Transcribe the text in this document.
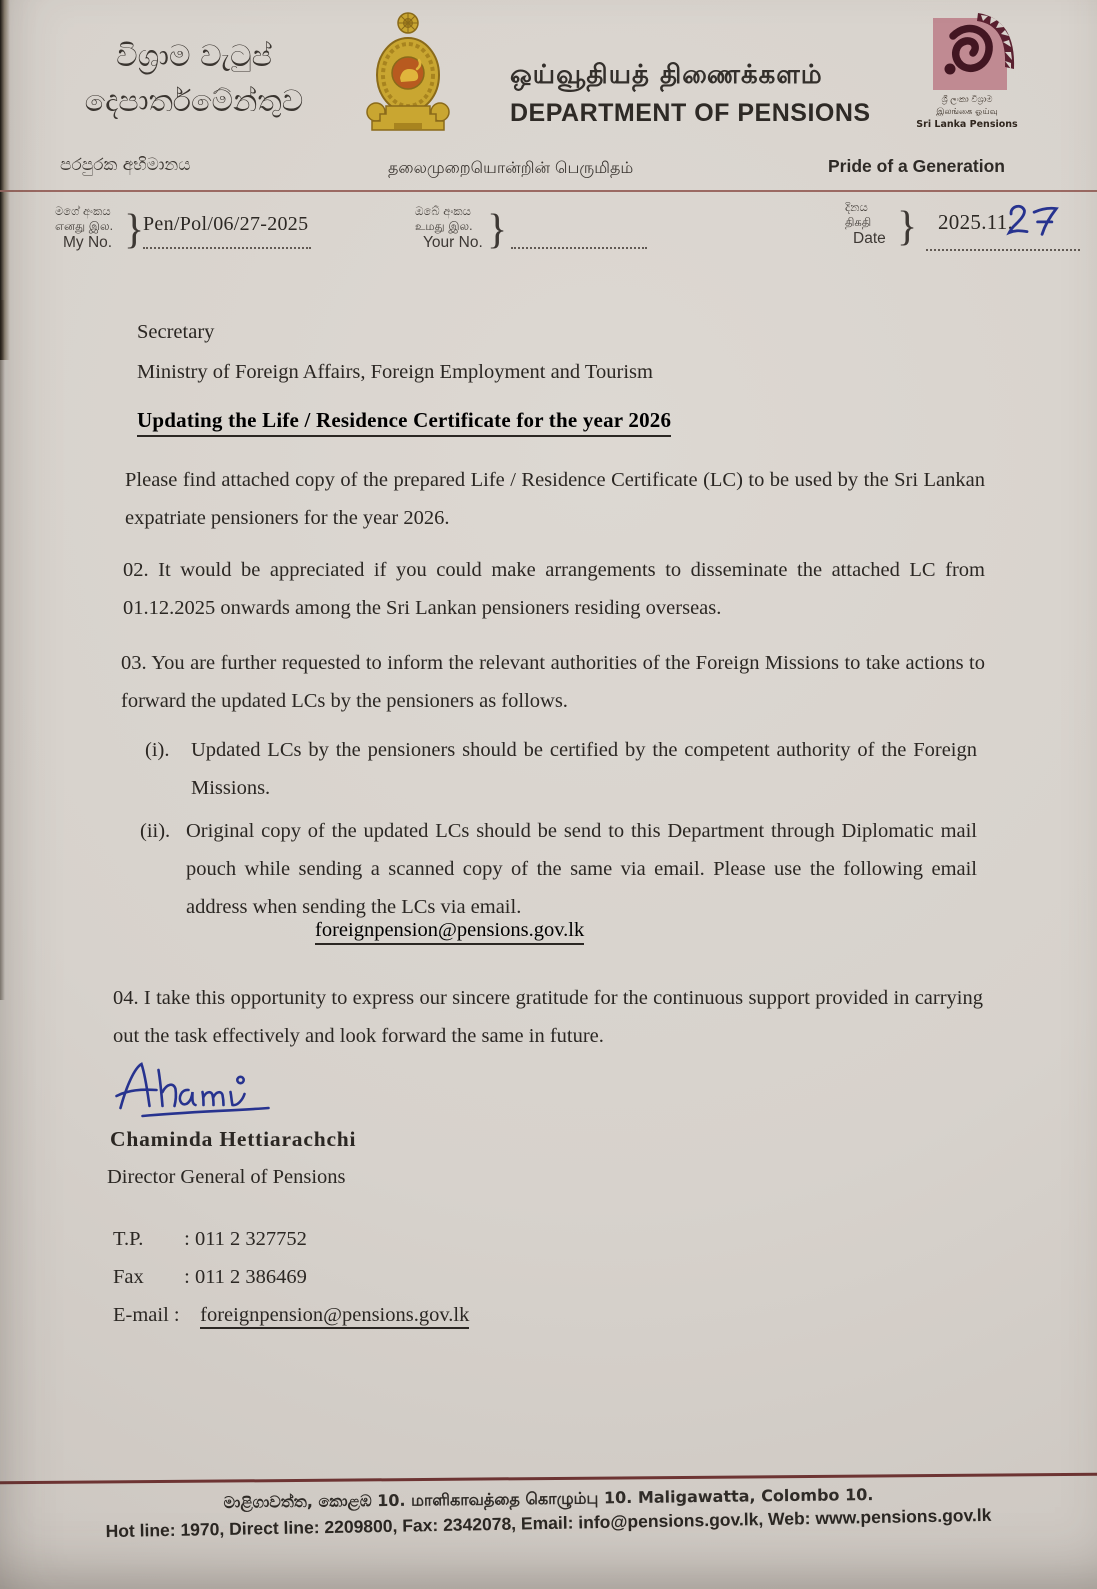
විශ්‍රාම වැටුප්
දෙපාර්තමේන්තුව
පරපුරක අභිමානය
ஒய்வூதியத் திணைக்களம்
DEPARTMENT OF PENSIONS
தலைமுறையொன்றின் பெருமிதம்	Pride of a Generation
ශ්‍රී ලංකා විශ්‍රාම
இலங்கை ஓய்வு
Sri Lanka Pensions
මගේ අංකය
எனது இல.
My No. }
Pen/Pol/06/27-2025
ඔබේ අංකය
உமது இல.
Your No. }	දිනය
திகதி
Date } 2025.11.
Secretary
Ministry of Foreign Affairs, Foreign Employment and Tourism
Updating the Life / Residence Certificate for the year 2026
Please find attached copy of the prepared Life / Residence Certificate (LC) to be used by the Sri Lankan expatriate pensioners for the year 2026.
02. It would be appreciated if you could make arrangements to disseminate the attached LC from 01.12.2025 onwards among the Sri Lankan pensioners residing overseas.
03. You are further requested to inform the relevant authorities of the Foreign Missions to take actions to forward the updated LCs by the pensioners as follows.
(i).	Updated LCs by the pensioners should be certified by the competent authority of the Foreign Missions.
(ii). Original copy of the updated LCs should be send to this Department through Diplomatic mail pouch while sending a scanned copy of the same via email. Please use the following email address when sending the LCs via email.
foreignpension@pensions.gov.lk
04. I take this opportunity to express our sincere gratitude for the continuous support provided in carrying out the task effectively and look forward the same in future.
Chaminda Hettiarachchi
Director General of Pensions
T.P. : 011 2 327752
Fax : 011 2 386469
E-mail : foreignpension@pensions.gov.lk
මාළිගාවත්ත, කොළඹ 10. மாளிகாவத்தை கொழும்பு 10. Maligawatta, Colombo 10.
Hot line: 1970, Direct line: 2209800, Fax: 2342078, Email: info@pensions.gov.lk, Web: www.pensions.gov.lk
